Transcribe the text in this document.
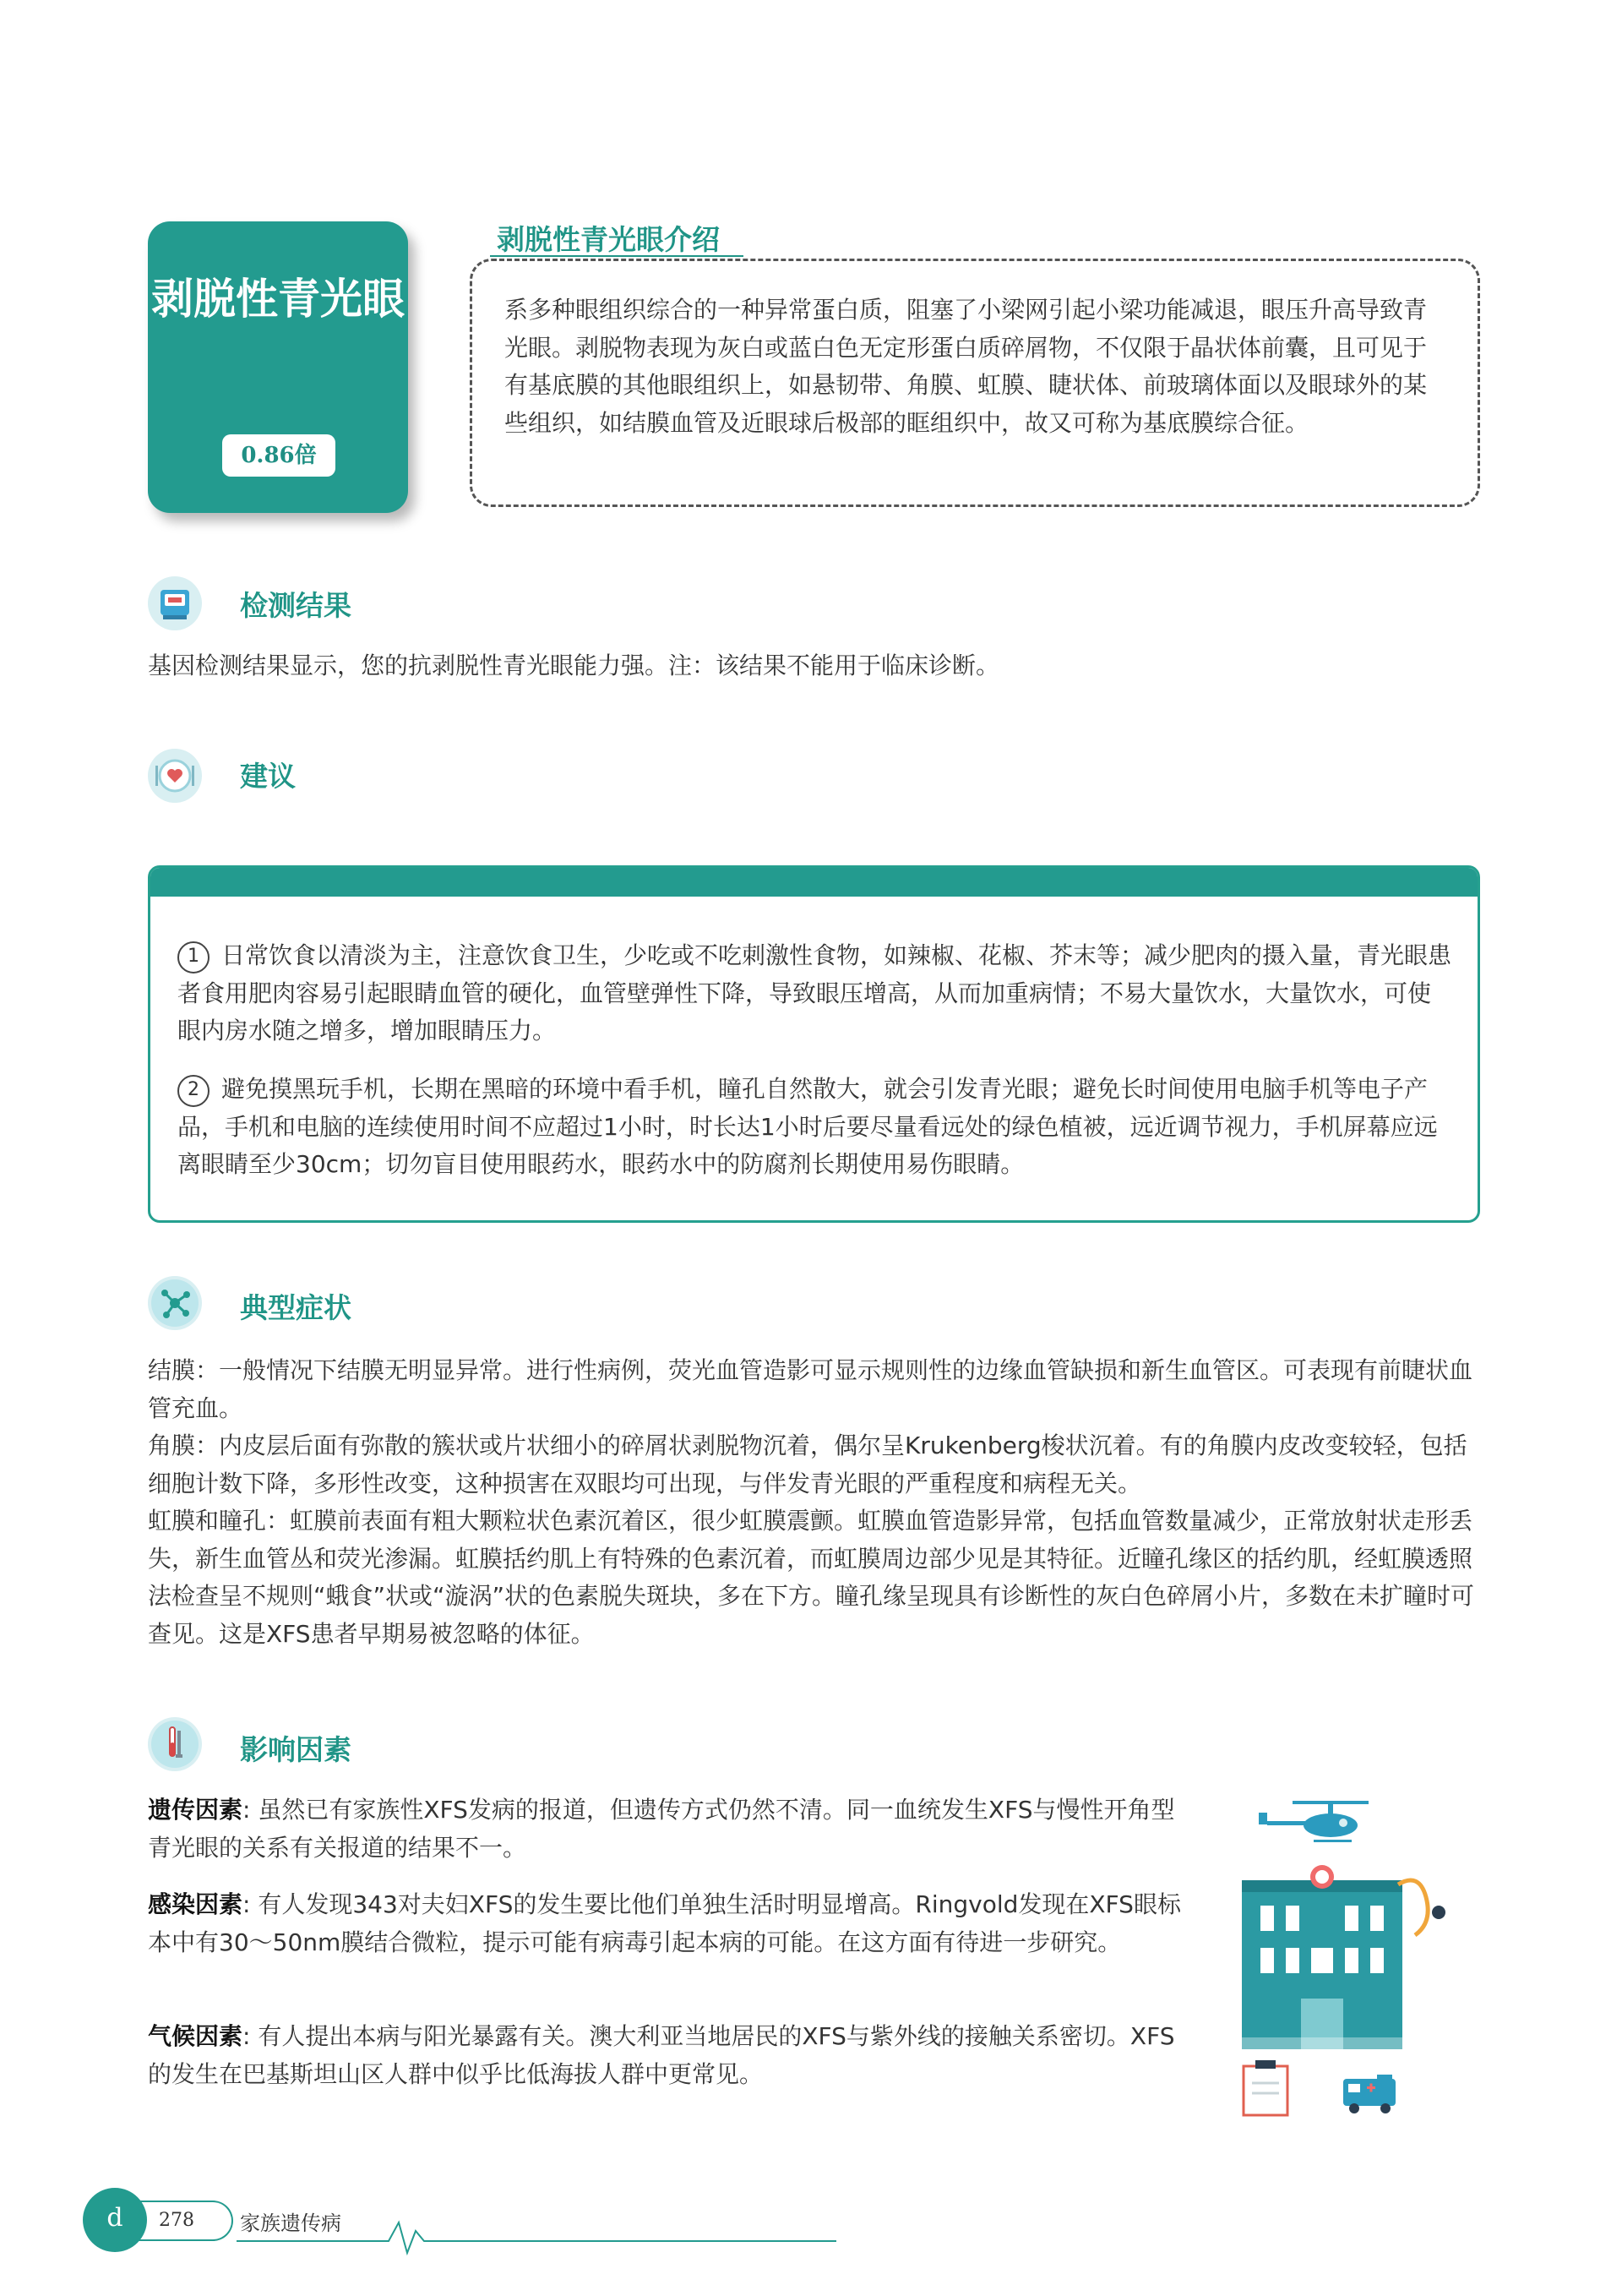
剥脱性青光眼
0.86倍
剥脱性青光眼介绍
系多种眼组织综合的一种异常蛋白质，阻塞了小梁网引起小梁功能减退，眼压升高导致青光眼。剥脱物表现为灰白或蓝白色无定形蛋白质碎屑物，不仅限于晶状体前囊，且可见于有基底膜的其他眼组织上，如悬韧带、角膜、虹膜、睫状体、前玻璃体面以及眼球外的某些组织，如结膜血管及近眼球后极部的眶组织中，故又可称为基底膜综合征。
检测结果
基因检测结果显示，您的抗剥脱性青光眼能力强。注：该结果不能用于临床诊断。
建议
1 日常饮食以清淡为主，注意饮食卫生，少吃或不吃刺激性食物，如辣椒、花椒、芥末等；减少肥肉的摄入量，青光眼患者食用肥肉容易引起眼睛血管的硬化，血管壁弹性下降，导致眼压增高，从而加重病情；不易大量饮水，大量饮水，可使眼内房水随之增多，增加眼睛压力。
2 避免摸黑玩手机，长期在黑暗的环境中看手机，瞳孔自然散大，就会引发青光眼；避免长时间使用电脑手机等电子产品，手机和电脑的连续使用时间不应超过1小时，时长达1小时后要尽量看远处的绿色植被，远近调节视力，手机屏幕应远离眼睛至少30cm；切勿盲目使用眼药水，眼药水中的防腐剂长期使用易伤眼睛。
典型症状
结膜：一般情况下结膜无明显异常。进行性病例，荧光血管造影可显示规则性的边缘血管缺损和新生血管区。可表现有前睫状血管充血。
角膜：内皮层后面有弥散的簇状或片状细小的碎屑状剥脱物沉着，偶尔呈Krukenberg梭状沉着。有的角膜内皮改变较轻，包括细胞计数下降，多形性改变，这种损害在双眼均可出现，与伴发青光眼的严重程度和病程无关。
虹膜和瞳孔：虹膜前表面有粗大颗粒状色素沉着区，很少虹膜震颤。虹膜血管造影异常，包括血管数量减少，正常放射状走形丢失，新生血管丛和荧光渗漏。虹膜括约肌上有特殊的色素沉着，而虹膜周边部少见是其特征。近瞳孔缘区的括约肌，经虹膜透照法检查呈不规则“蛾食”状或“漩涡”状的色素脱失斑块，多在下方。瞳孔缘呈现具有诊断性的灰白色碎屑小片，多数在未扩瞳时可查见。这是XFS患者早期易被忽略的体征。
影响因素
遗传因素: 虽然已有家族性XFS发病的报道，但遗传方式仍然不清。同一血统发生XFS与慢性开角型青光眼的关系有关报道的结果不一。
感染因素: 有人发现343对夫妇XFS的发生要比他们单独生活时明显增高。Ringvold发现在XFS眼标本中有30～50nm膜结合微粒，提示可能有病毒引起本病的可能。在这方面有待进一步研究。
气候因素: 有人提出本病与阳光暴露有关。澳大利亚当地居民的XFS与紫外线的接触关系密切。XFS的发生在巴基斯坦山区人群中似乎比低海拔人群中更常见。
278
d	家族遗传病
